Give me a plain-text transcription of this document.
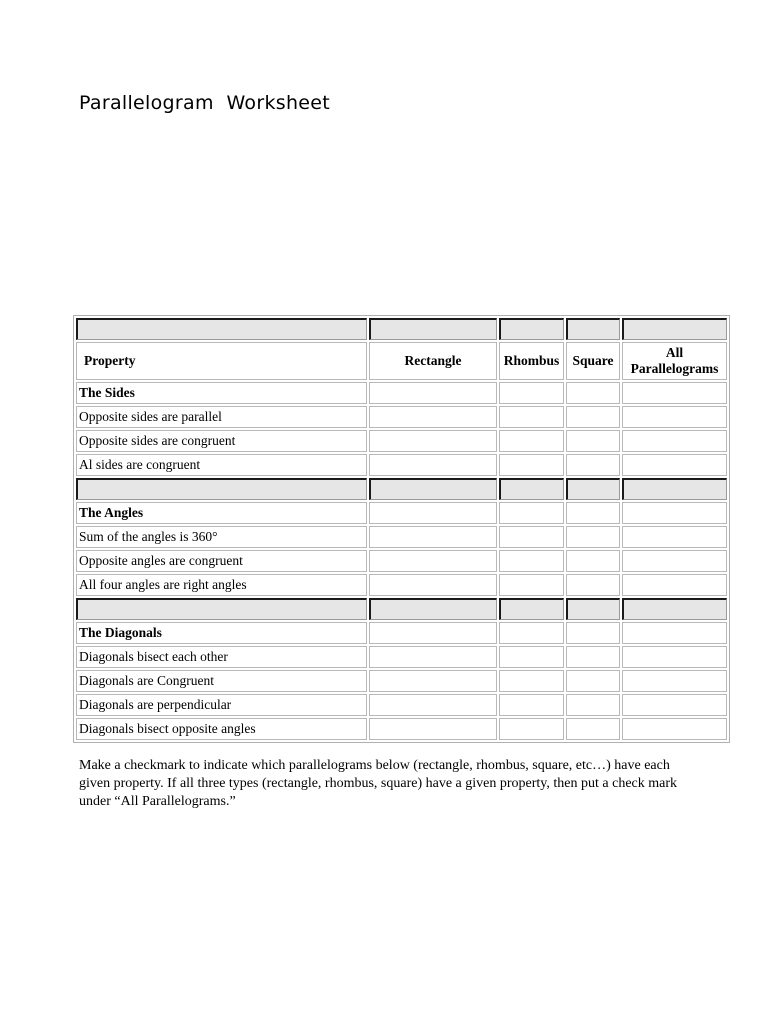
Parallelogram  Worksheet

Property	Rectangle	Rhombus	Square	All Parallelograms
The Sides				
Opposite sides are parallel				
Opposite sides are congruent				
Al sides are congruent				

The Angles				
Sum of the angles is 360°				
Opposite angles are congruent				
All four angles are right angles				

The Diagonals				
Diagonals bisect each other				
Diagonals are Congruent				
Diagonals are perpendicular				
Diagonals bisect opposite angles				

Make a checkmark to indicate which parallelograms below (rectangle, rhombus, square, etc…) have each given property. If all three types (rectangle, rhombus, square) have a given property, then put a check mark under “All Parallelograms.”
